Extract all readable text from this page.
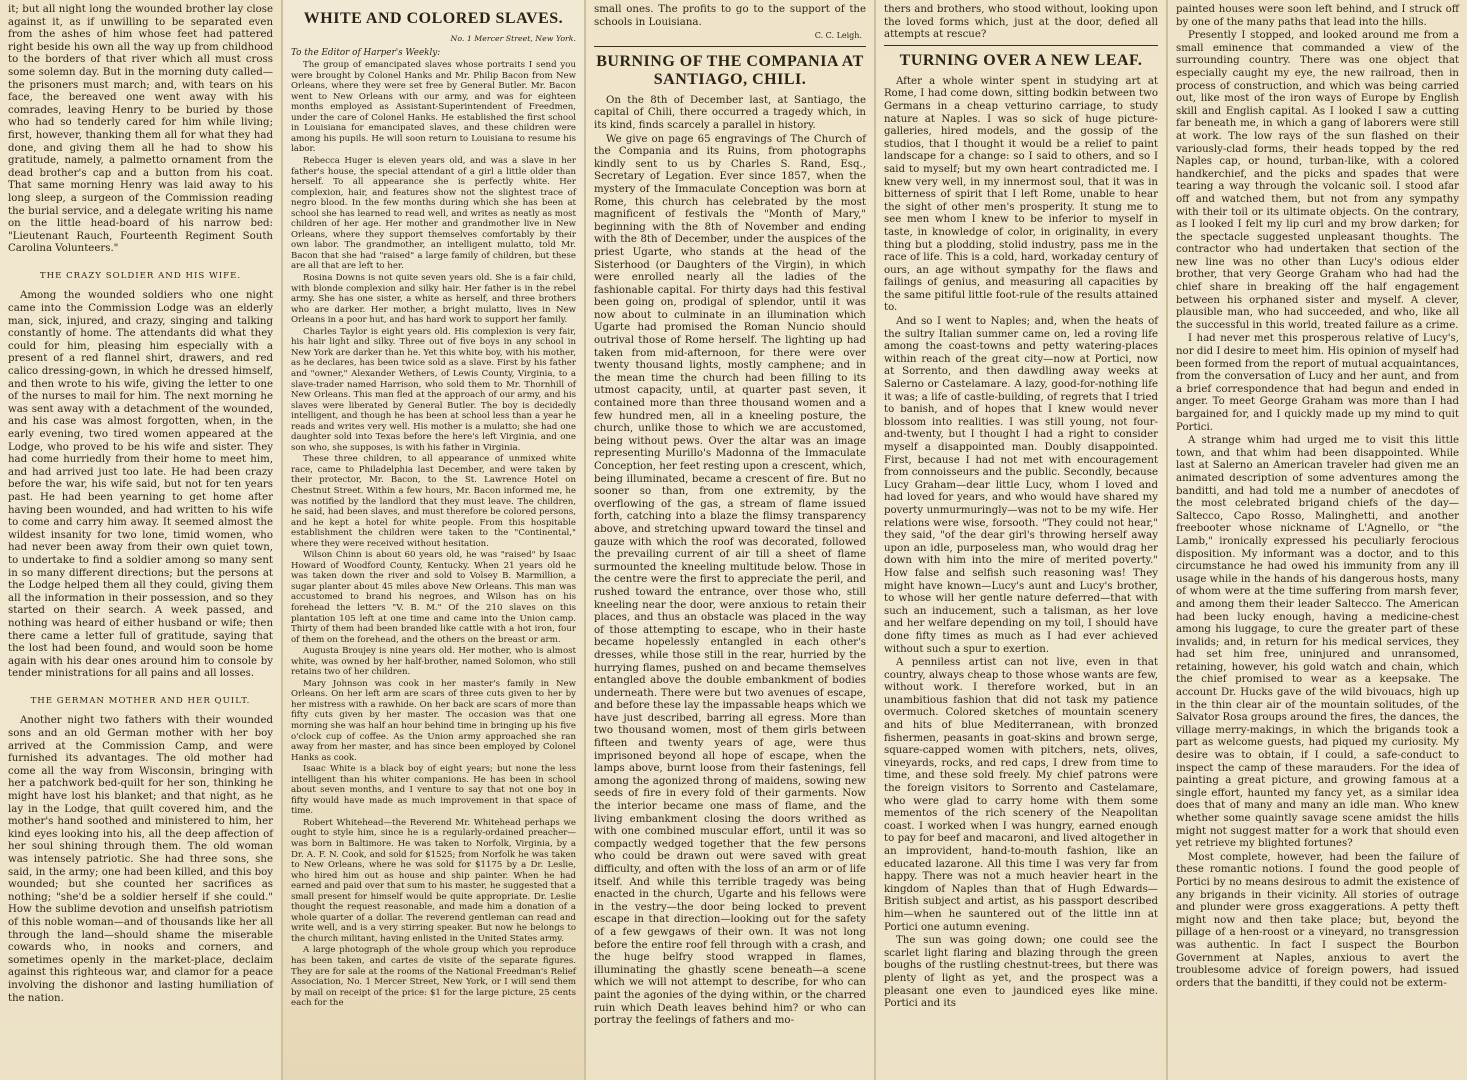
it; but all night long the wounded brother lay close against it, as if unwilling to be separated even from the ashes of him whose feet had pattered right beside his own all the way up from childhood to the borders of that river which all must cross some solemn day. But in the morning duty called—the prisoners must march; and, with tears on his face, the bereaved one went away with his comrades, leaving Henry to be buried by those who had so tenderly cared for him while living; first, however, thanking them all for what they had done, and giving them all he had to show his gratitude, namely, a palmetto ornament from the dead brother's cap and a button from his coat. That same morning Henry was laid away to his long sleep, a surgeon of the Commission reading the burial service, and a delegate writing his name on the little head-board of his narrow bed: "Lieutenant Rauch, Fourteenth Regiment South Carolina Volunteers."

THE CRAZY SOLDIER AND HIS WIFE.

Among the wounded soldiers who one night came into the Commission Lodge was an elderly man, sick, injured, and crazy, singing and talking constantly of home. The attendants did what they could for him, pleasing him especially with a present of a red flannel shirt, drawers, and red calico dressing-gown, in which he dressed himself, and then wrote to his wife, giving the letter to one of the nurses to mail for him. The next morning he was sent away with a detachment of the wounded, and his case was almost forgotten, when, in the early evening, two tired women appeared at the Lodge, who proved to be his wife and sister. They had come hurriedly from their home to meet him, and had arrived just too late. He had been crazy before the war, his wife said, but not for ten years past. He had been yearning to get home after having been wounded, and had written to his wife to come and carry him away. It seemed almost the wildest insanity for two lone, timid women, who had never been away from their own quiet town, to undertake to find a soldier among so many sent in so many different directions; but the persons at the Lodge helped them all they could, giving them all the information in their possession, and so they started on their search. A week passed, and nothing was heard of either husband or wife; then there came a letter full of gratitude, saying that the lost had been found, and would soon be home again with his dear ones around him to console by tender ministrations for all pains and all losses.

THE GERMAN MOTHER AND HER QUILT.

Another night two fathers with their wounded sons and an old German mother with her boy arrived at the Commission Camp, and were furnished its advantages. The old mother had come all the way from Wisconsin, bringing with her a patchwork bed-quilt for her son, thinking he might have lost his blanket; and that night, as he lay in the Lodge, that quilt covered him, and the mother's hand soothed and ministered to him, her kind eyes looking into his, all the deep affection of her soul shining through them. The old woman was intensely patriotic. She had three sons, she said, in the army; one had been killed, and this boy wounded; but she counted her sacrifices as nothing; "she'd be a soldier herself if she could." How the sublime devotion and unselfish patriotism of this noble woman—and of thousands like her all through the land—should shame the miserable cowards who, in nooks and corners, and sometimes openly in the market-place, declaim against this righteous war, and clamor for a peace involving the dishonor and lasting humiliation of the nation.

WHITE AND COLORED SLAVES.
No. 1 Mercer Street, New York.

To the Editor of Harper's Weekly:

The group of emancipated slaves whose portraits I send you were brought by Colonel Hanks and Mr. Philip Bacon from New Orleans, where they were set free by General Butler. Mr. Bacon went to New Orleans with our army, and was for eighteen months employed as Assistant-Superintendent of Freedmen, under the care of Colonel Hanks. He established the first school in Louisiana for emancipated slaves, and these children were among his pupils. He will soon return to Louisiana to resume his labor.

Rebecca Huger is eleven years old, and was a slave in her father's house, the special attendant of a girl a little older than herself. To all appearance she is perfectly white. Her complexion, hair, and features show not the slightest trace of negro blood. In the few months during which she has been at school she has learned to read well, and writes as neatly as most children of her age. Her mother and grandmother live in New Orleans, where they support themselves comfortably by their own labor. The grandmother, an intelligent mulatto, told Mr. Bacon that she had "raised" a large family of children, but these are all that are left to her.

Rosina Downs is not quite seven years old. She is a fair child, with blonde complexion and silky hair. Her father is in the rebel army. She has one sister, a white as herself, and three brothers who are darker. Her mother, a bright mulatto, lives in New Orleans in a poor hut, and has hard work to support her family.

Charles Taylor is eight years old. His complexion is very fair, his hair light and silky. Three out of five boys in any school in New York are darker than he. Yet this white boy, with his mother, as he declares, has been twice sold as a slave. First by his father and "owner," Alexander Wethers, of Lewis County, Virginia, to a slave-trader named Harrison, who sold them to Mr. Thornhill of New Orleans. This man fled at the approach of our army, and his slaves were liberated by General Butler. The boy is decidedly intelligent, and though he has been at school less than a year he reads and writes very well. His mother is a mulatto; she had one daughter sold into Texas before the here's left Virginia, and one son who, she supposes, is with his father in Virginia.

These three children, to all appearance of unmixed white race, came to Philadelphia last December, and were taken by their protector, Mr. Bacon, to the St. Lawrence Hotel on Chestnut Street. Within a few hours, Mr. Bacon informed me, he was notified by the landlord that they must leave. The children, he said, had been slaves, and must therefore be colored persons, and he kept a hotel for white people. From this hospitable establishment the children were taken to the "Continental," where they were received without hesitation.

Wilson Chinn is about 60 years old, he was "raised" by Isaac Howard of Woodford County, Kentucky. When 21 years old he was taken down the river and sold to Volsey B. Marmillion, a sugar planter about 45 miles above New Orleans. This man was accustomed to brand his negroes, and Wilson has on his forehead the letters "V. B. M." Of the 210 slaves on this plantation 105 left at one time and came into the Union camp. Thirty of them had been branded like cattle with a hot iron, four of them on the forehead, and the others on the breast or arm.

Augusta Broujey is nine years old. Her mother, who is almost white, was owned by her half-brother, named Solomon, who still retains two of her children.

Mary Johnson was cook in her master's family in New Orleans. On her left arm are scars of three cuts given to her by her mistress with a rawhide. On her back are scars of more than fifty cuts given by her master. The occasion was that one morning she was half an hour behind time in bringing up his five o'clock cup of coffee. As the Union army approached she ran away from her master, and has since been employed by Colonel Hanks as cook.

Isaac White is a black boy of eight years; but none the less intelligent than his whiter companions. He has been in school about seven months, and I venture to say that not one boy in fifty would have made as much improvement in that space of time.

Robert Whitehead—the Reverend Mr. Whitehead perhaps we ought to style him, since he is a regularly-ordained preacher—was born in Baltimore. He was taken to Norfolk, Virginia, by a Dr. A. F. N. Cook, and sold for $1525; from Norfolk he was taken to New Orleans, where he was sold for $1175 by a Dr. Leslie, who hired him out as house and ship painter. When he had earned and paid over that sum to his master, he suggested that a small present for himself would be quite appropriate. Dr. Leslie thought the request reasonable, and made him a donation of a whole quarter of a dollar. The reverend gentleman can read and write well, and is a very stirring speaker. But now he belongs to the church militant, having enlisted in the United States army.

A large photograph of the whole group which you reproduce has been taken, and cartes de visite of the separate figures. They are for sale at the rooms of the National Freedman's Relief Association, No. 1 Mercer Street, New York, or I will send them by mail on receipt of the price: $1 for the large picture, 25 cents each for the

small ones. The profits to go to the support of the schools in Louisiana.

C. C. Leigh.

BURNING OF THE COMPANIA AT SANTIAGO, CHILI.

On the 8th of December last, at Santiago, the capital of Chili, there occurred a tragedy which, in its kind, finds scarcely a parallel in history.

We give on page 65 engravings of The Church of the Compania and its Ruins, from photographs kindly sent to us by Charles S. Rand, Esq., Secretary of Legation. Ever since 1857, when the mystery of the Immaculate Conception was born at Rome, this church has celebrated by the most magnificent of festivals the "Month of Mary," beginning with the 8th of November and ending with the 8th of December, under the auspices of the priest Ugarte, who stands at the head of the Sisterhood (or Daughters of the Virgin), in which were enrolled nearly all the ladies of the fashionable capital. For thirty days had this festival been going on, prodigal of splendor, until it was now about to culminate in an illumination which Ugarte had promised the Roman Nuncio should outrival those of Rome herself. The lighting up had taken from mid-afternoon, for there were over twenty thousand lights, mostly camphene; and in the mean time the church had been filling to its utmost capacity, until, at quarter past seven, it contained more than three thousand women and a few hundred men, all in a kneeling posture, the church, unlike those to which we are accustomed, being without pews. Over the altar was an image representing Murillo's Madonna of the Immaculate Conception, her feet resting upon a crescent, which, being illuminated, became a crescent of fire. But no sooner so than, from one extremity, by the overflowing of the gas, a stream of flame issued forth, catching into a blaze the flimsy transparency above, and stretching upward toward the tinsel and gauze with which the roof was decorated, followed the prevailing current of air till a sheet of flame surmounted the kneeling multitude below. Those in the centre were the first to appreciate the peril, and rushed toward the entrance, over those who, still kneeling near the door, were anxious to retain their places, and thus an obstacle was placed in the way of those attempting to escape, who in their haste became hopelessly entangled in each other's dresses, while those still in the rear, hurried by the hurrying flames, pushed on and became themselves entangled above the double embankment of bodies underneath. There were but two avenues of escape, and before these lay the impassable heaps which we have just described, barring all egress. More than two thousand women, most of them girls between fifteen and twenty years of age, were thus imprisoned beyond all hope of escape, when the lamps above, burnt loose from their fastenings, fell among the agonized throng of maidens, sowing new seeds of fire in every fold of their garments. Now the interior became one mass of flame, and the living embankment closing the doors writhed as with one combined muscular effort, until it was so compactly wedged together that the few persons who could be drawn out were saved with great difficulty, and often with the loss of an arm or of life itself. And while this terrible tragedy was being enacted in the church, Ugarte and his fellows were in the vestry—the door being locked to prevent escape in that direction—looking out for the safety of a few gewgaws of their own. It was not long before the entire roof fell through with a crash, and the huge belfry stood wrapped in flames, illuminating the ghastly scene beneath—a scene which we will not attempt to describe, for who can paint the agonies of the dying within, or the charred ruin which Death leaves behind him? or who can portray the feelings of fathers and mo-

thers and brothers, who stood without, looking upon the loved forms which, just at the door, defied all attempts at rescue?

TURNING OVER A NEW LEAF.

After a whole winter spent in studying art at Rome, I had come down, sitting bodkin between two Germans in a cheap vetturino carriage, to study nature at Naples. I was so sick of huge picture-galleries, hired models, and the gossip of the studios, that I thought it would be a relief to paint landscape for a change: so I said to others, and so I said to myself; but my own heart contradicted me. I knew very well, in my innermost soul, that it was in bitterness of spirit that I left Rome, unable to hear the sight of other men's prosperity. It stung me to see men whom I knew to be inferior to myself in taste, in knowledge of color, in originality, in every thing but a plodding, stolid industry, pass me in the race of life. This is a cold, hard, workaday century of ours, an age without sympathy for the flaws and failings of genius, and measuring all capacities by the same pitiful little foot-rule of the results attained to.

And so I went to Naples; and, when the heats of the sultry Italian summer came on, led a roving life among the coast-towns and petty watering-places within reach of the great city—now at Portici, now at Sorrento, and then dawdling away weeks at Salerno or Castelamare. A lazy, good-for-nothing life it was; a life of castle-building, of regrets that I tried to banish, and of hopes that I knew would never blossom into realities. I was still young, not four-and-twenty, but I thought I had a right to consider myself a disappointed man. Doubly disappointed. First, because I had not met with encouragement from connoisseurs and the public. Secondly, because Lucy Graham—dear little Lucy, whom I loved and had loved for years, and who would have shared my poverty unmurmuringly—was not to be my wife. Her relations were wise, forsooth. "They could not hear," they said, "of the dear girl's throwing herself away upon an idle, purposeless man, who would drag her down with him into the mire of merited poverty." How false and selfish such reasoning was! They might have known—Lucy's aunt and Lucy's brother, to whose will her gentle nature deferred—that with such an inducement, such a talisman, as her love and her welfare depending on my toil, I should have done fifty times as much as I had ever achieved without such a spur to exertion.

A penniless artist can not live, even in that country, always cheap to those whose wants are few, without work. I therefore worked, but in an unambitious fashion that did not task my patience overmuch. Colored sketches of mountain scenery and hits of blue Mediterranean, with bronzed fishermen, peasants in goat-skins and brown serge, square-capped women with pitchers, nets, olives, vineyards, rocks, and red caps, I drew from time to time, and these sold freely. My chief patrons were the foreign visitors to Sorrento and Castelamare, who were glad to carry home with them some mementos of the rich scenery of the Neapolitan coast. I worked when I was hungry, earned enough to pay for beef and macaroni, and lived altogether in an improvident, hand-to-mouth fashion, like an educated lazarone. All this time I was very far from happy. There was not a much heavier heart in the kingdom of Naples than that of Hugh Edwards—British subject and artist, as his passport described him—when he sauntered out of the little inn at Portici one autumn evening.

The sun was going down; one could see the scarlet light flaring and blazing through the green boughs of the rustling chestnut-trees, but there was plenty of light as yet, and the prospect was a pleasant one even to jaundiced eyes like mine. Portici and its

painted houses were soon left behind, and I struck off by one of the many paths that lead into the hills.

Presently I stopped, and looked around me from a small eminence that commanded a view of the surrounding country. There was one object that especially caught my eye, the new railroad, then in process of construction, and which was being carried out, like most of the iron ways of Europe by English skill and English capital. As I looked I saw a cutting far beneath me, in which a gang of laborers were still at work. The low rays of the sun flashed on their variously-clad forms, their heads topped by the red Naples cap, or hound, turban-like, with a colored handkerchief, and the picks and spades that were tearing a way through the volcanic soil. I stood afar off and watched them, but not from any sympathy with their toil or its ultimate objects. On the contrary, as I looked I felt my lip curl and my brow darken; for the spectacle suggested unpleasant thoughts. The contractor who had undertaken that section of the new line was no other than Lucy's odious elder brother, that very George Graham who had had the chief share in breaking off the half engagement between his orphaned sister and myself. A clever, plausible man, who had succeeded, and who, like all the successful in this world, treated failure as a crime.

I had never met this prosperous relative of Lucy's, nor did I desire to meet him. His opinion of myself had been formed from the report of mutual acquaintances, from the conversation of Lucy and her aunt, and from a brief correspondence that had begun and ended in anger. To meet George Graham was more than I had bargained for, and I quickly made up my mind to quit Portici.

A strange whim had urged me to visit this little town, and that whim had been disappointed. While last at Salerno an American traveler had given me an animated description of some adventures among the banditti, and had told me a number of anecdotes of the most celebrated brigand chiefs of the day—Saltecco, Capo Rosso, Malinghetti, and another freebooter whose nickname of L'Agnello, or "the Lamb," ironically expressed his peculiarly ferocious disposition. My informant was a doctor, and to this circumstance he had owed his immunity from any ill usage while in the hands of his dangerous hosts, many of whom were at the time suffering from marsh fever, and among them their leader Saltecco. The American had been lucky enough, having a medicine-chest among his luggage, to cure the greater part of these invalids; and, in return for his medical services, they had set him free, uninjured and unransomed, retaining, however, his gold watch and chain, which the chief promised to wear as a keepsake. The account Dr. Hucks gave of the wild bivouacs, high up in the thin clear air of the mountain solitudes, of the Salvator Rosa groups around the fires, the dances, the village merry-makings, in which the brigands took a part as welcome guests, had piqued my curiosity. My desire was to obtain, if I could, a safe-conduct to inspect the camp of these marauders. For the idea of painting a great picture, and growing famous at a single effort, haunted my fancy yet, as a similar idea does that of many and many an idle man. Who knew whether some quaintly savage scene amidst the hills might not suggest matter for a work that should even yet retrieve my blighted fortunes?

Most complete, however, had been the failure of these romantic notions. I found the good people of Portici by no means desirous to admit the existence of any brigands in their vicinity. All stories of outrage and plunder were gross exaggerations. A petty theft might now and then take place; but, beyond the pillage of a hen-roost or a vineyard, no transgression was authentic. In fact I suspect the Bourbon Government at Naples, anxious to avert the troublesome advice of foreign powers, had issued orders that the banditti, if they could not be exterm-
